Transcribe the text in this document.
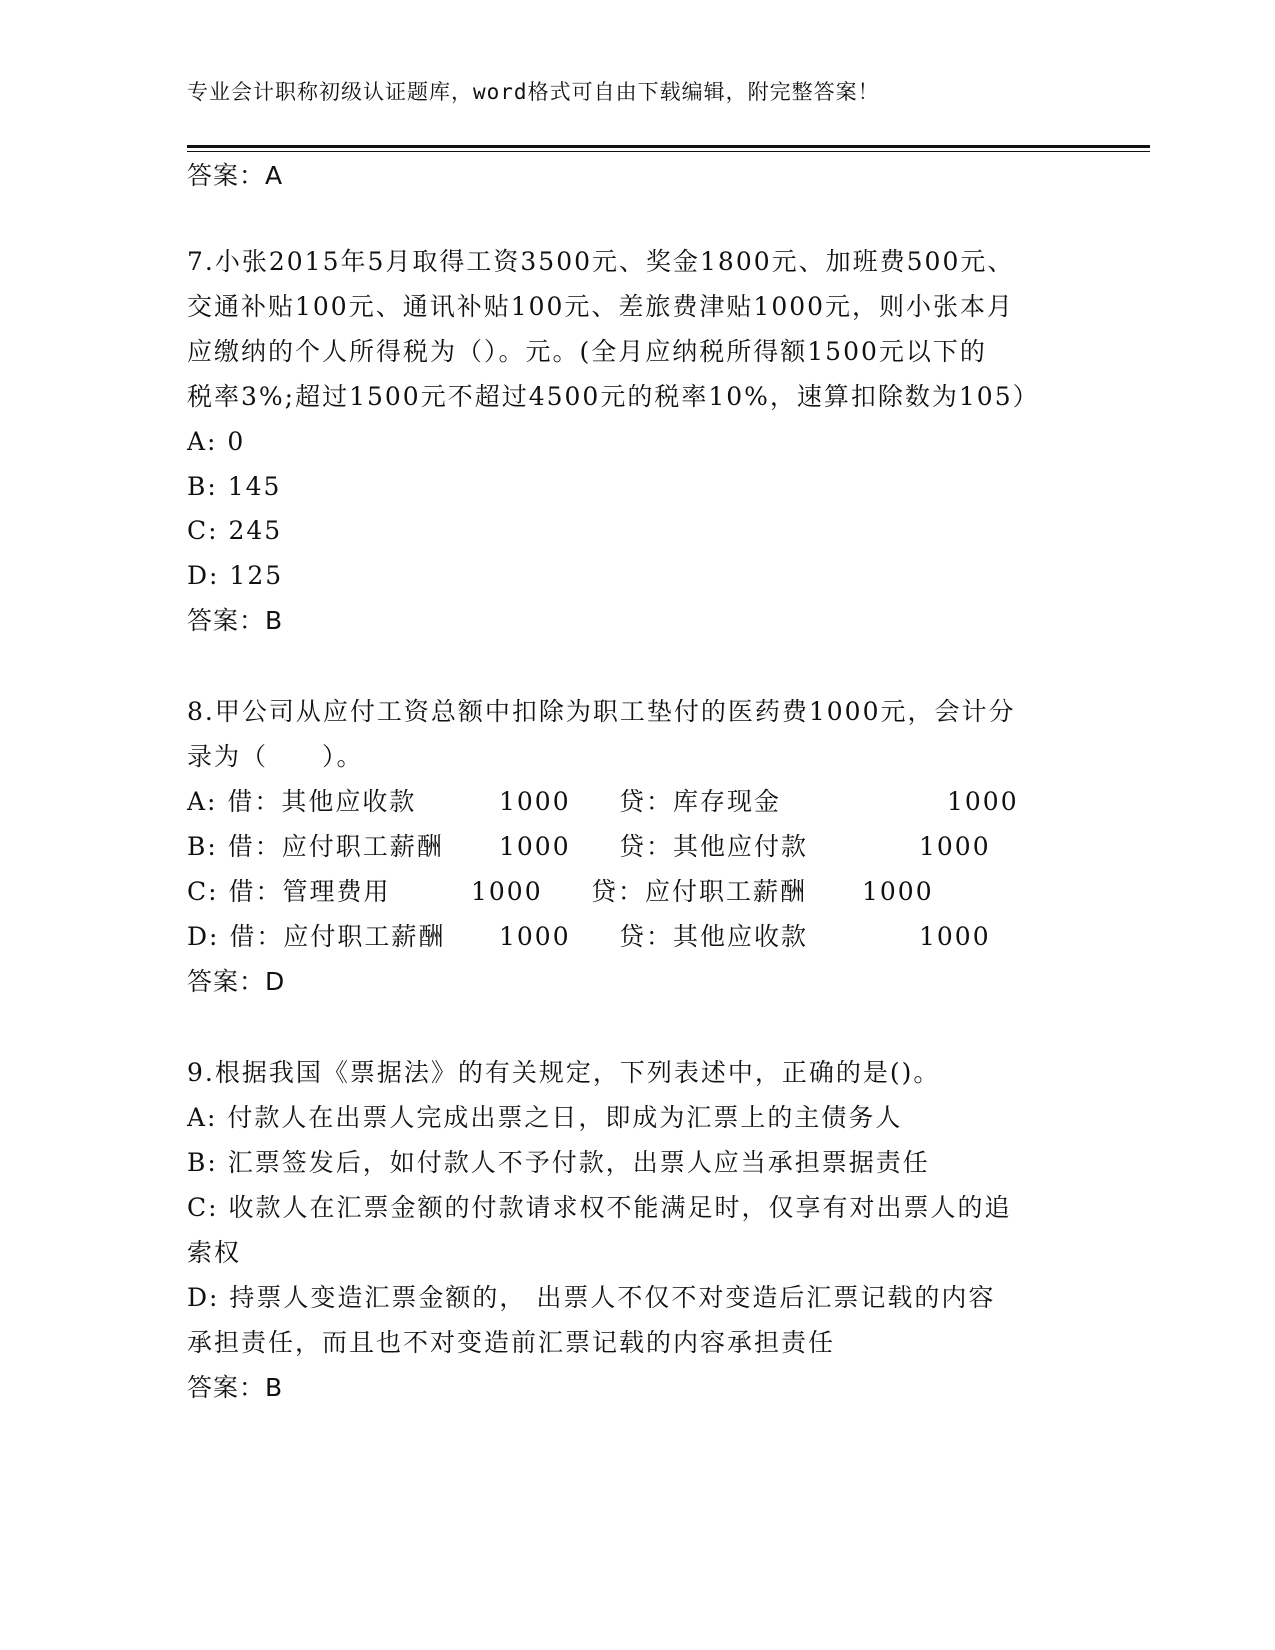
专业会计职称初级认证题库，word格式可自由下载编辑，附完整答案！
答案：A
7.小张2015年5月取得工资3500元、奖金1800元、加班费500元、
交通补贴100元、通讯补贴100元、差旅费津贴1000元，则小张本月
应缴纳的个人所得税为（）。元。(全月应纳税所得额1500元以下的
税率3%;超过1500元不超过4500元的税率10%，速算扣除数为105）
A: 0
B: 145
C: 245
D: 125
答案：B
8.甲公司从应付工资总额中扣除为职工垫付的医药费1000元，会计分
录为（　　）。
A: 借：其他应收款	1000 贷：库存现金	1000
B: 借：应付职工薪酬 1000 贷：其他应付款	1000
C: 借：管理费用	1000 贷：应付职工薪酬 1000
D: 借：应付职工薪酬 1000 贷：其他应收款	1000
答案：D
9.根据我国《票据法》的有关规定，下列表述中，正确的是()。
A: 付款人在出票人完成出票之日，即成为汇票上的主债务人
B: 汇票签发后，如付款人不予付款，出票人应当承担票据责任
C: 收款人在汇票金额的付款请求权不能满足时，仅享有对出票人的追
索权
D: 持票人变造汇票金额的， 出票人不仅不对变造后汇票记载的内容
承担责任，而且也不对变造前汇票记载的内容承担责任
答案：B
